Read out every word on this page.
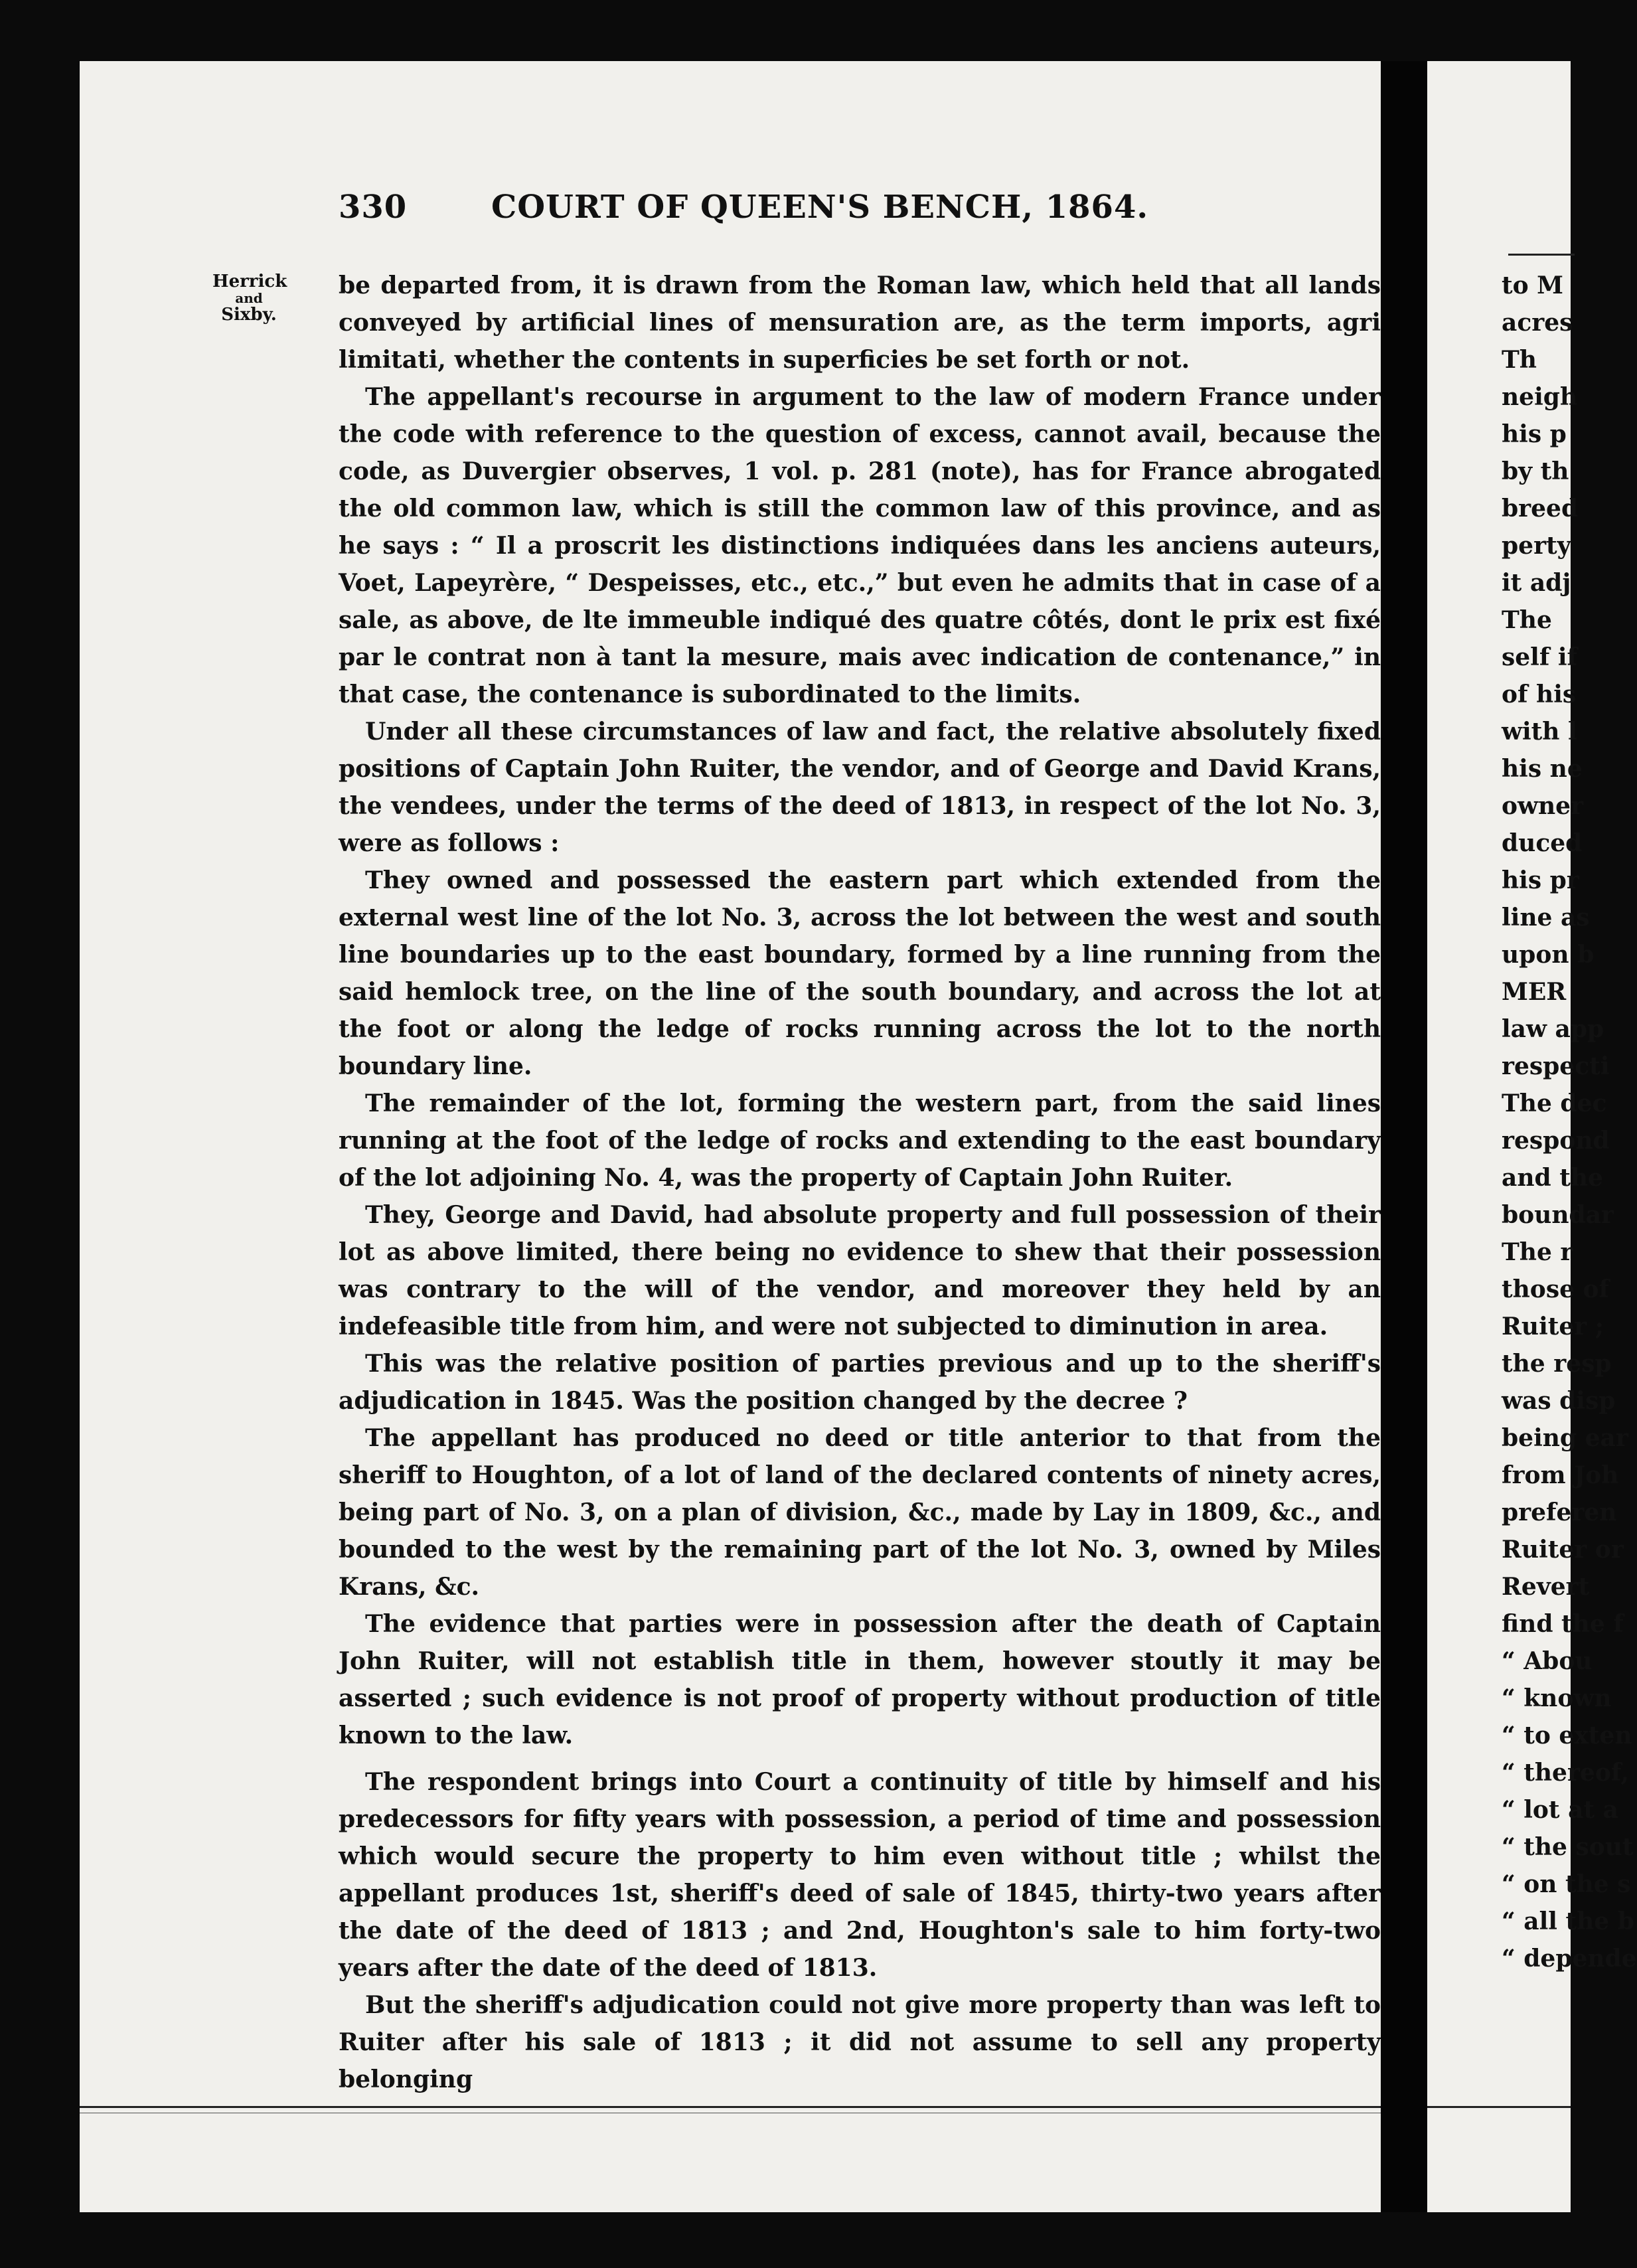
330	COURT OF QUEEN'S BENCH, 1864.
Herrick
and
Sixby.

be departed from, it is drawn from the Roman law, which held that all lands conveyed by artificial lines of mensuration are, as the term imports, agri limitati, whether the contents in superficies be set forth or not.

The appellant's recourse in argument to the law of modern France under the code with reference to the question of excess, cannot avail, because the code, as Duvergier observes, 1 vol. p. 281 (note), has for France abrogated the old common law, which is still the common law of this province, and as he says : “ Il a proscrit les distinctions indiquées dans les anciens auteurs, Voet, Lapeyrère, “ Despeisses, etc., etc.,” but even he admits that in case of a sale, as above, de lte immeuble indiqué des quatre côtés, dont le prix est fixé par le contrat non à tant la mesure, mais avec indication de contenance,” in that case, the contenance is subordinated to the limits.

Under all these circumstances of law and fact, the relative absolutely fixed positions of Captain John Ruiter, the vendor, and of George and David Krans, the vendees, under the terms of the deed of 1813, in respect of the lot No. 3, were as follows :

They owned and possessed the eastern part which extended from the external west line of the lot No. 3, across the lot between the west and south line boundaries up to the east boundary, formed by a line running from the said hemlock tree, on the line of the south boundary, and across the lot at the foot or along the ledge of rocks running across the lot to the north boundary line.

The remainder of the lot, forming the western part, from the said lines running at the foot of the ledge of rocks and extending to the east boundary of the lot adjoining No. 4, was the property of Captain John Ruiter.

They, George and David, had absolute property and full possession of their lot as above limited, there being no evidence to shew that their possession was contrary to the will of the vendor, and moreover they held by an indefeasible title from him, and were not subjected to diminution in area.

This was the relative position of parties previous and up to the sheriff's adjudication in 1845. Was the position changed by the decree ?

The appellant has produced no deed or title anterior to that from the sheriff to Houghton, of a lot of land of the declared contents of ninety acres, being part of No. 3, on a plan of division, &c., made by Lay in 1809, &c., and bounded to the west by the remaining part of the lot No. 3, owned by Miles Krans, &c.

The evidence that parties were in possession after the death of Captain John Ruiter, will not establish title in them, however stoutly it may be asserted ; such evidence is not proof of property without production of title known to the law.

The respondent brings into Court a continuity of title by himself and his predecessors for fifty years with possession, a period of time and possession which would secure the property to him even without title ; whilst the appellant produces 1st, sheriff's deed of sale of 1845, thirty-two years after the date of the deed of 1813 ; and 2nd, Houghton's sale to him forty-two years after the date of the deed of 1813.

But the sheriff's adjudication could not give more property than was left to Ruiter after his sale of 1813 ; it did not assume to sell any property belonging

to M
acres
Th
neigh
his p
by th
breed
perty
it adj
The
self if
of his
with l
his ne
owner
duced
his pr
line as
upon b
MER
law app
respecti
The dec
respond
and the
boundar
The r
those of
Ruiter ;
the resp
was disp
being ear
from Joh
preferen
Ruiter or
Revert
find the f
“ Abou
“ known
“ to exten
“ thereof,
“ lot at a
“ the sout
“ on the s
“ all the b
“ depende
